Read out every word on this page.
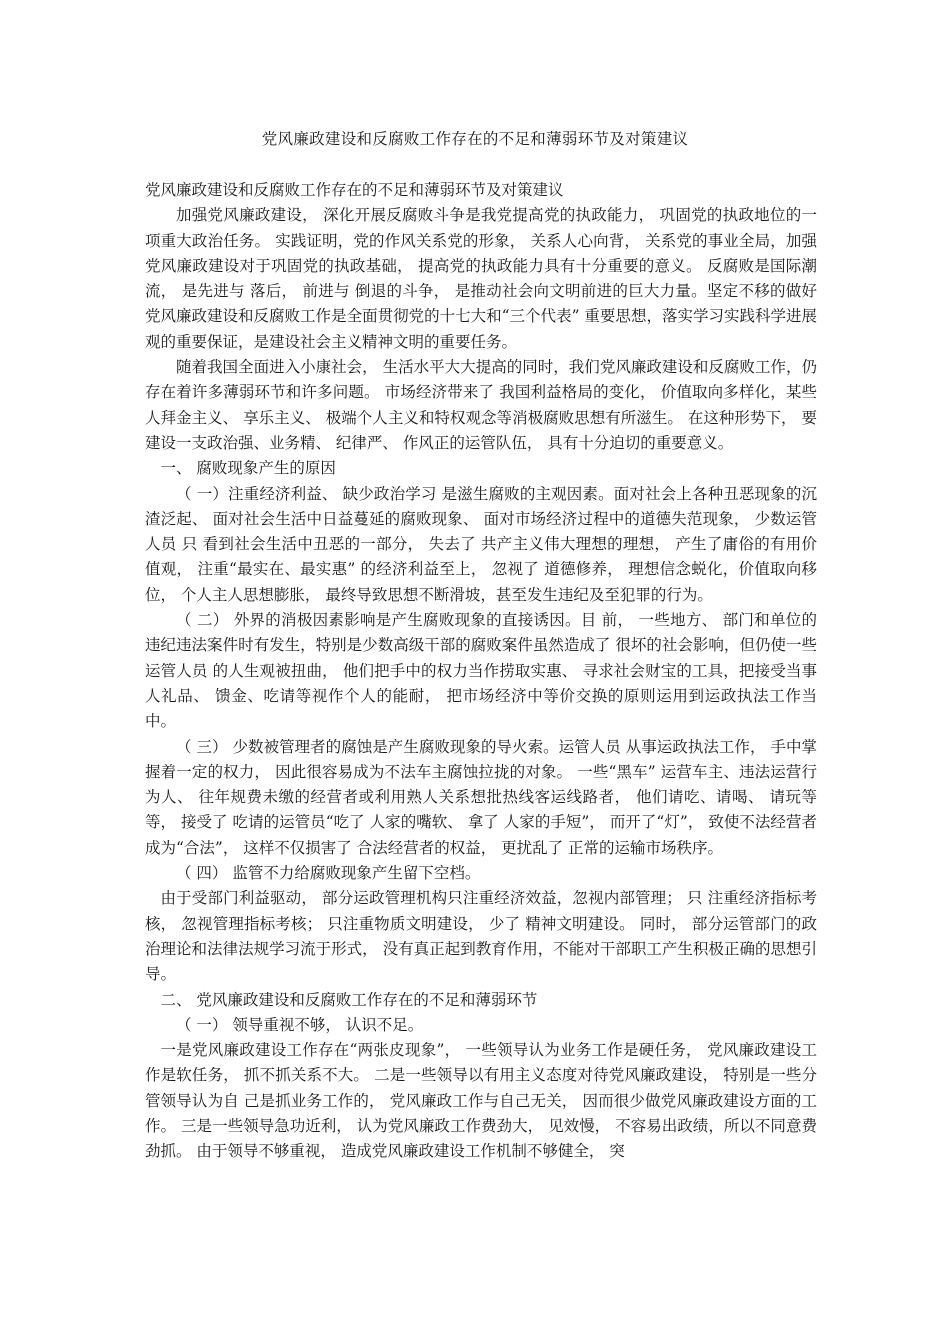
党风廉政建设和反腐败工作存在的不足和薄弱环节及对策建议

党风廉政建设和反腐败工作存在的不足和薄弱环节及对策建议

加强党风廉政建设， 深化开展反腐败斗争是我党提高党的执政能力， 巩固党的执政地位的一项重大政治任务。 实践证明，党的作风关系党的形象， 关系人心向背， 关系党的事业全局，加强党风廉政建设对于巩固党的执政基础， 提高党的执政能力具有十分重要的意义。 反腐败是国际潮流， 是先进与 落后， 前进与 倒退的斗争， 是推动社会向文明前进的巨大力量。坚定不移的做好党风廉政建设和反腐败工作是全面贯彻党的十七大和“三个代表” 重要思想，落实学习实践科学进展观的重要保证，是建设社会主义精神文明的重要任务。

随着我国全面进入小康社会， 生活水平大大提高的同时，我们党风廉政建设和反腐败工作，仍存在着许多薄弱环节和许多问题。 市场经济带来了 我国利益格局的变化， 价值取向多样化，某些人拜金主义、 享乐主义、 极端个人主义和特权观念等消极腐败思想有所滋生。 在这种形势下， 要建设一支政治强、业务精、 纪律严、 作风正的运管队伍， 具有十分迫切的重要意义。

一、 腐败现象产生的原因

（ 一）注重经济利益、 缺少政治学习 是滋生腐败的主观因素。面对社会上各种丑恶现象的沉渣泛起、 面对社会生活中日益蔓延的腐败现象、 面对市场经济过程中的道德失范现象， 少数运管人员 只 看到社会生活中丑恶的一部分， 失去了 共产主义伟大理想的理想， 产生了庸俗的有用价值观， 注重“最实在、最实惠” 的经济利益至上， 忽视了 道德修养， 理想信念蜕化，价值取向移位， 个人主人思想膨胀， 最终导致思想不断滑坡，甚至发生违纪及至犯罪的行为。

（ 二） 外界的消极因素影响是产生腐败现象的直接诱因。目 前， 一些地方、 部门和单位的违纪违法案件时有发生，特别是少数高级干部的腐败案件虽然造成了 很坏的社会影响，但仍使一些运管人员 的人生观被扭曲， 他们把手中的权力当作捞取实惠、 寻求社会财宝的工具，把接受当事人礼品、 馈金、吃请等视作个人的能耐， 把市场经济中等价交换的原则运用到运政执法工作当中。

（ 三） 少数被管理者的腐蚀是产生腐败现象的导火索。运管人员 从事运政执法工作， 手中掌握着一定的权力， 因此很容易成为不法车主腐蚀拉拢的对象。 一些“黑车” 运营车主、违法运营行为人、 往年规费未缴的经营者或利用熟人关系想批热线客运线路者， 他们请吃、请喝、 请玩等等， 接受了 吃请的运管员“吃了 人家的嘴软、 拿了 人家的手短”， 而开了“灯”， 致使不法经营者成为“合法”， 这样不仅损害了 合法经营者的权益， 更扰乱了 正常的运输市场秩序。

（ 四） 监管不力给腐败现象产生留下空档。

由于受部门利益驱动， 部分运政管理机构只注重经济效益，忽视内部管理； 只 注重经济指标考核， 忽视管理指标考核； 只注重物质文明建设， 少了 精神文明建设。 同时， 部分运管部门的政治理论和法律法规学习流于形式， 没有真正起到教育作用，不能对干部职工产生积极正确的思想引 导。

二、 党风廉政建设和反腐败工作存在的不足和薄弱环节

（ 一） 领导重视不够， 认识不足。

一是党风廉政建设工作存在“两张皮现象”， 一些领导认为业务工作是硬任务， 党风廉政建设工作是软任务， 抓不抓关系不大。 二是一些领导以有用主义态度对待党风廉政建设， 特别是一些分管领导认为自 己是抓业务工作的， 党风廉政工作与自己无关， 因而很少做党风廉政建设方面的工作。 三是一些领导急功近利， 认为党风廉政工作费劲大， 见效慢， 不容易出政绩，所以不同意费劲抓。 由于领导不够重视， 造成党风廉政建设工作机制不够健全， 突
